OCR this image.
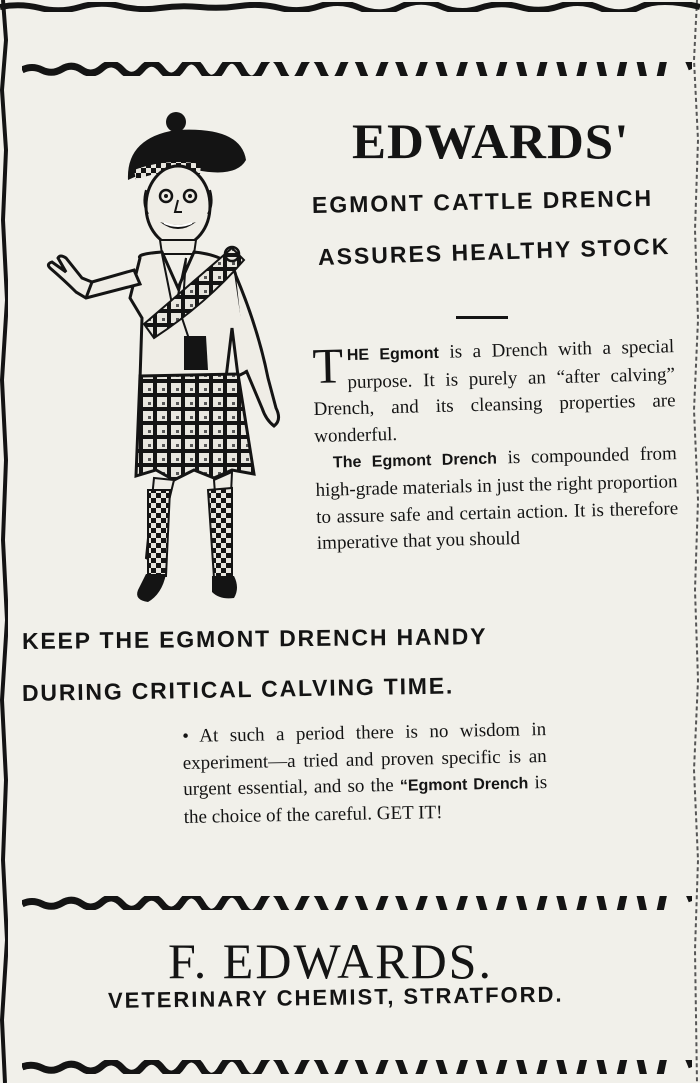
EDWARDS'
EGMONT CATTLE DRENCH
ASSURES HEALTHY STOCK

THE Egmont is a Drench with a special purpose. It is purely an “after calving” Drench, and its cleansing properties are wonderful.

The Egmont Drench is compounded from high-grade materials in just the right proportion to assure safe and certain action. It is therefore imperative that you should

KEEP THE EGMONT DRENCH HANDY
DURING CRITICAL CALVING TIME.

• At such a period there is no wisdom in experiment—a tried and proven specific is an urgent essential, and so the “Egmont Drench is the choice of the careful. GET IT!

F. EDWARDS.
VETERINARY CHEMIST, STRATFORD.
